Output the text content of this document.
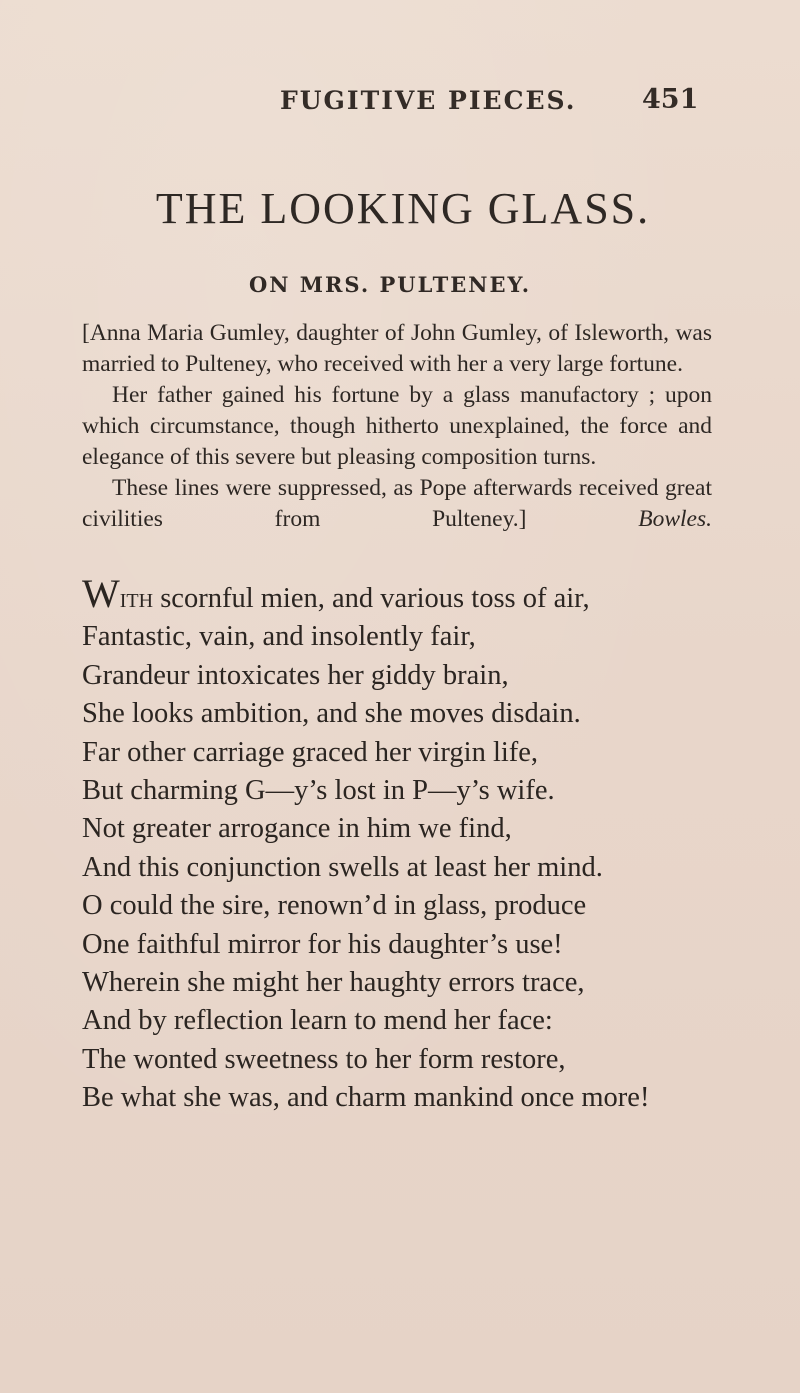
FUGITIVE PIECES. 451
THE LOOKING GLASS.
ON MRS. PULTENEY.

[Anna Maria Gumley, daughter of John Gumley, of Isleworth, was married to Pulteney, who received with her a very large fortune.

Her father gained his fortune by a glass manufactory ; upon which circumstance, though hitherto unexplained, the force and elegance of this severe but pleasing composition turns.

These lines were suppressed, as Pope afterwards received great civilities from Pulteney.]	Bowles.

With scornful mien, and various toss of air,
Fantastic, vain, and insolently fair,
Grandeur intoxicates her giddy brain,
She looks ambition, and she moves disdain.
Far other carriage graced her virgin life,
But charming G—y’s lost in P—y’s wife.
Not greater arrogance in him we find,
And this conjunction swells at least her mind.
O could the sire, renown’d in glass, produce
One faithful mirror for his daughter’s use!
Wherein she might her haughty errors trace,
And by reflection learn to mend her face:
The wonted sweetness to her form restore,
Be what she was, and charm mankind once more!
